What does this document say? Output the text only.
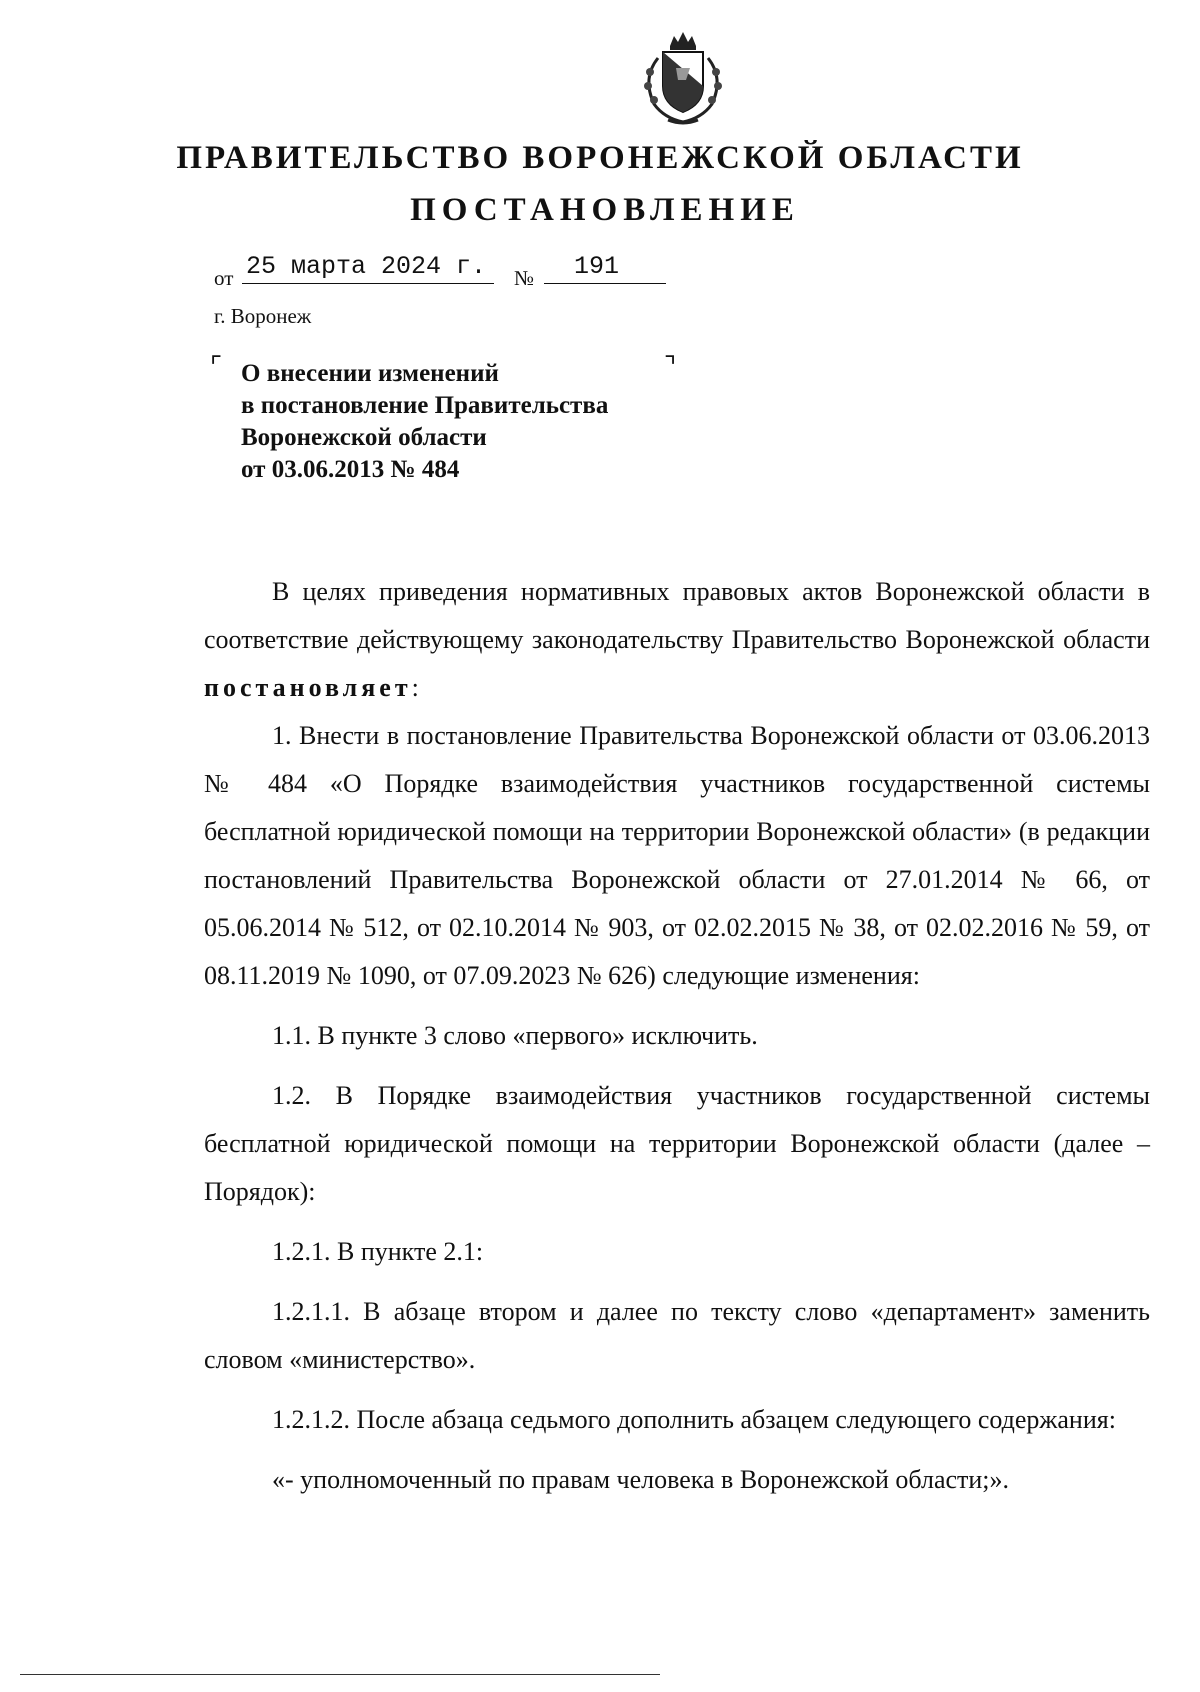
ПРАВИТЕЛЬСТВО ВОРОНЕЖСКОЙ ОБЛАСТИ
ПОСТАНОВЛЕНИЕ
от 25 марта 2024 г.	№	191
г. Воронеж
⌜	⌝
О внесении изменений
в постановление Правительства
Воронежской области
от 03.06.2013 № 484

В целях приведения нормативных правовых актов Воронежской области в соответствие действующему законодательству Правительство Воронежской области постановляет:

1. Внести в постановление Правительства Воронежской области от 03.06.2013 № 484 «О Порядке взаимодействия участников государственной системы бесплатной юридической помощи на территории Воронежской области» (в редакции постановлений Правительства Воронежской области от 27.01.2014 № 66, от 05.06.2014 № 512, от 02.10.2014 № 903, от 02.02.2015 № 38, от 02.02.2016 № 59, от 08.11.2019 № 1090, от 07.09.2023 № 626) следующие изменения:

1.1. В пункте 3 слово «первого» исключить.

1.2. В Порядке взаимодействия участников государственной системы бесплатной юридической помощи на территории Воронежской области (далее – Порядок):

1.2.1. В пункте 2.1:

1.2.1.1. В абзаце втором и далее по тексту слово «департамент» заменить словом «министерство».

1.2.1.2. После абзаца седьмого дополнить абзацем следующего содержания:

«- уполномоченный по правам человека в Воронежской области;».
